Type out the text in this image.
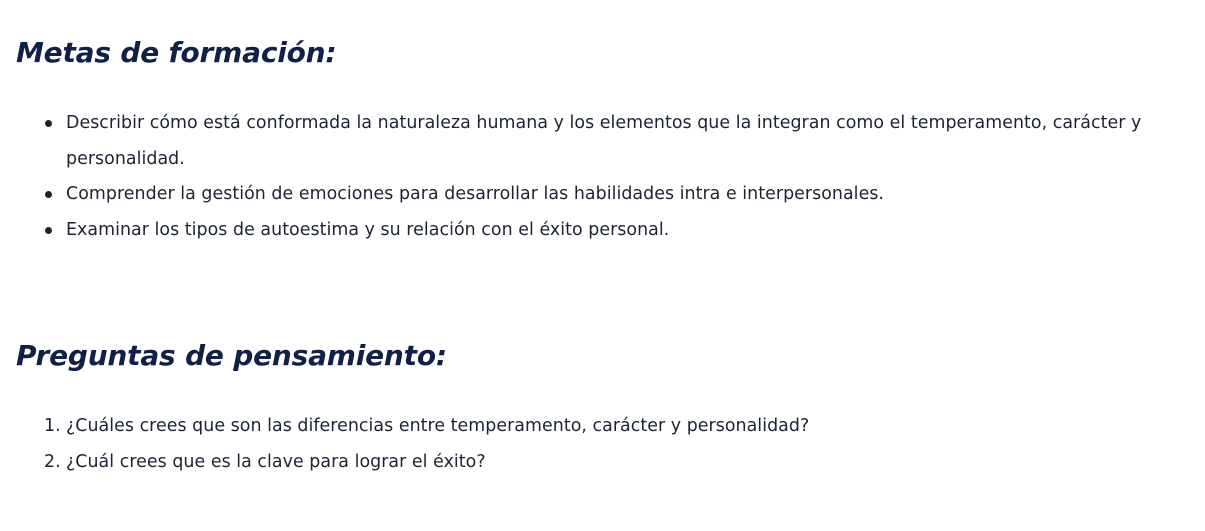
Metas de formación:
Describir cómo está conformada la naturaleza humana y los elementos que la integran como el temperamento, carácter y personalidad.
Comprender la gestión de emociones para desarrollar las habilidades intra e interpersonales.
Examinar los tipos de autoestima y su relación con el éxito personal.
Preguntas de pensamiento:
1. ¿Cuáles crees que son las diferencias entre temperamento, carácter y personalidad?
2. ¿Cuál crees que es la clave para lograr el éxito?
